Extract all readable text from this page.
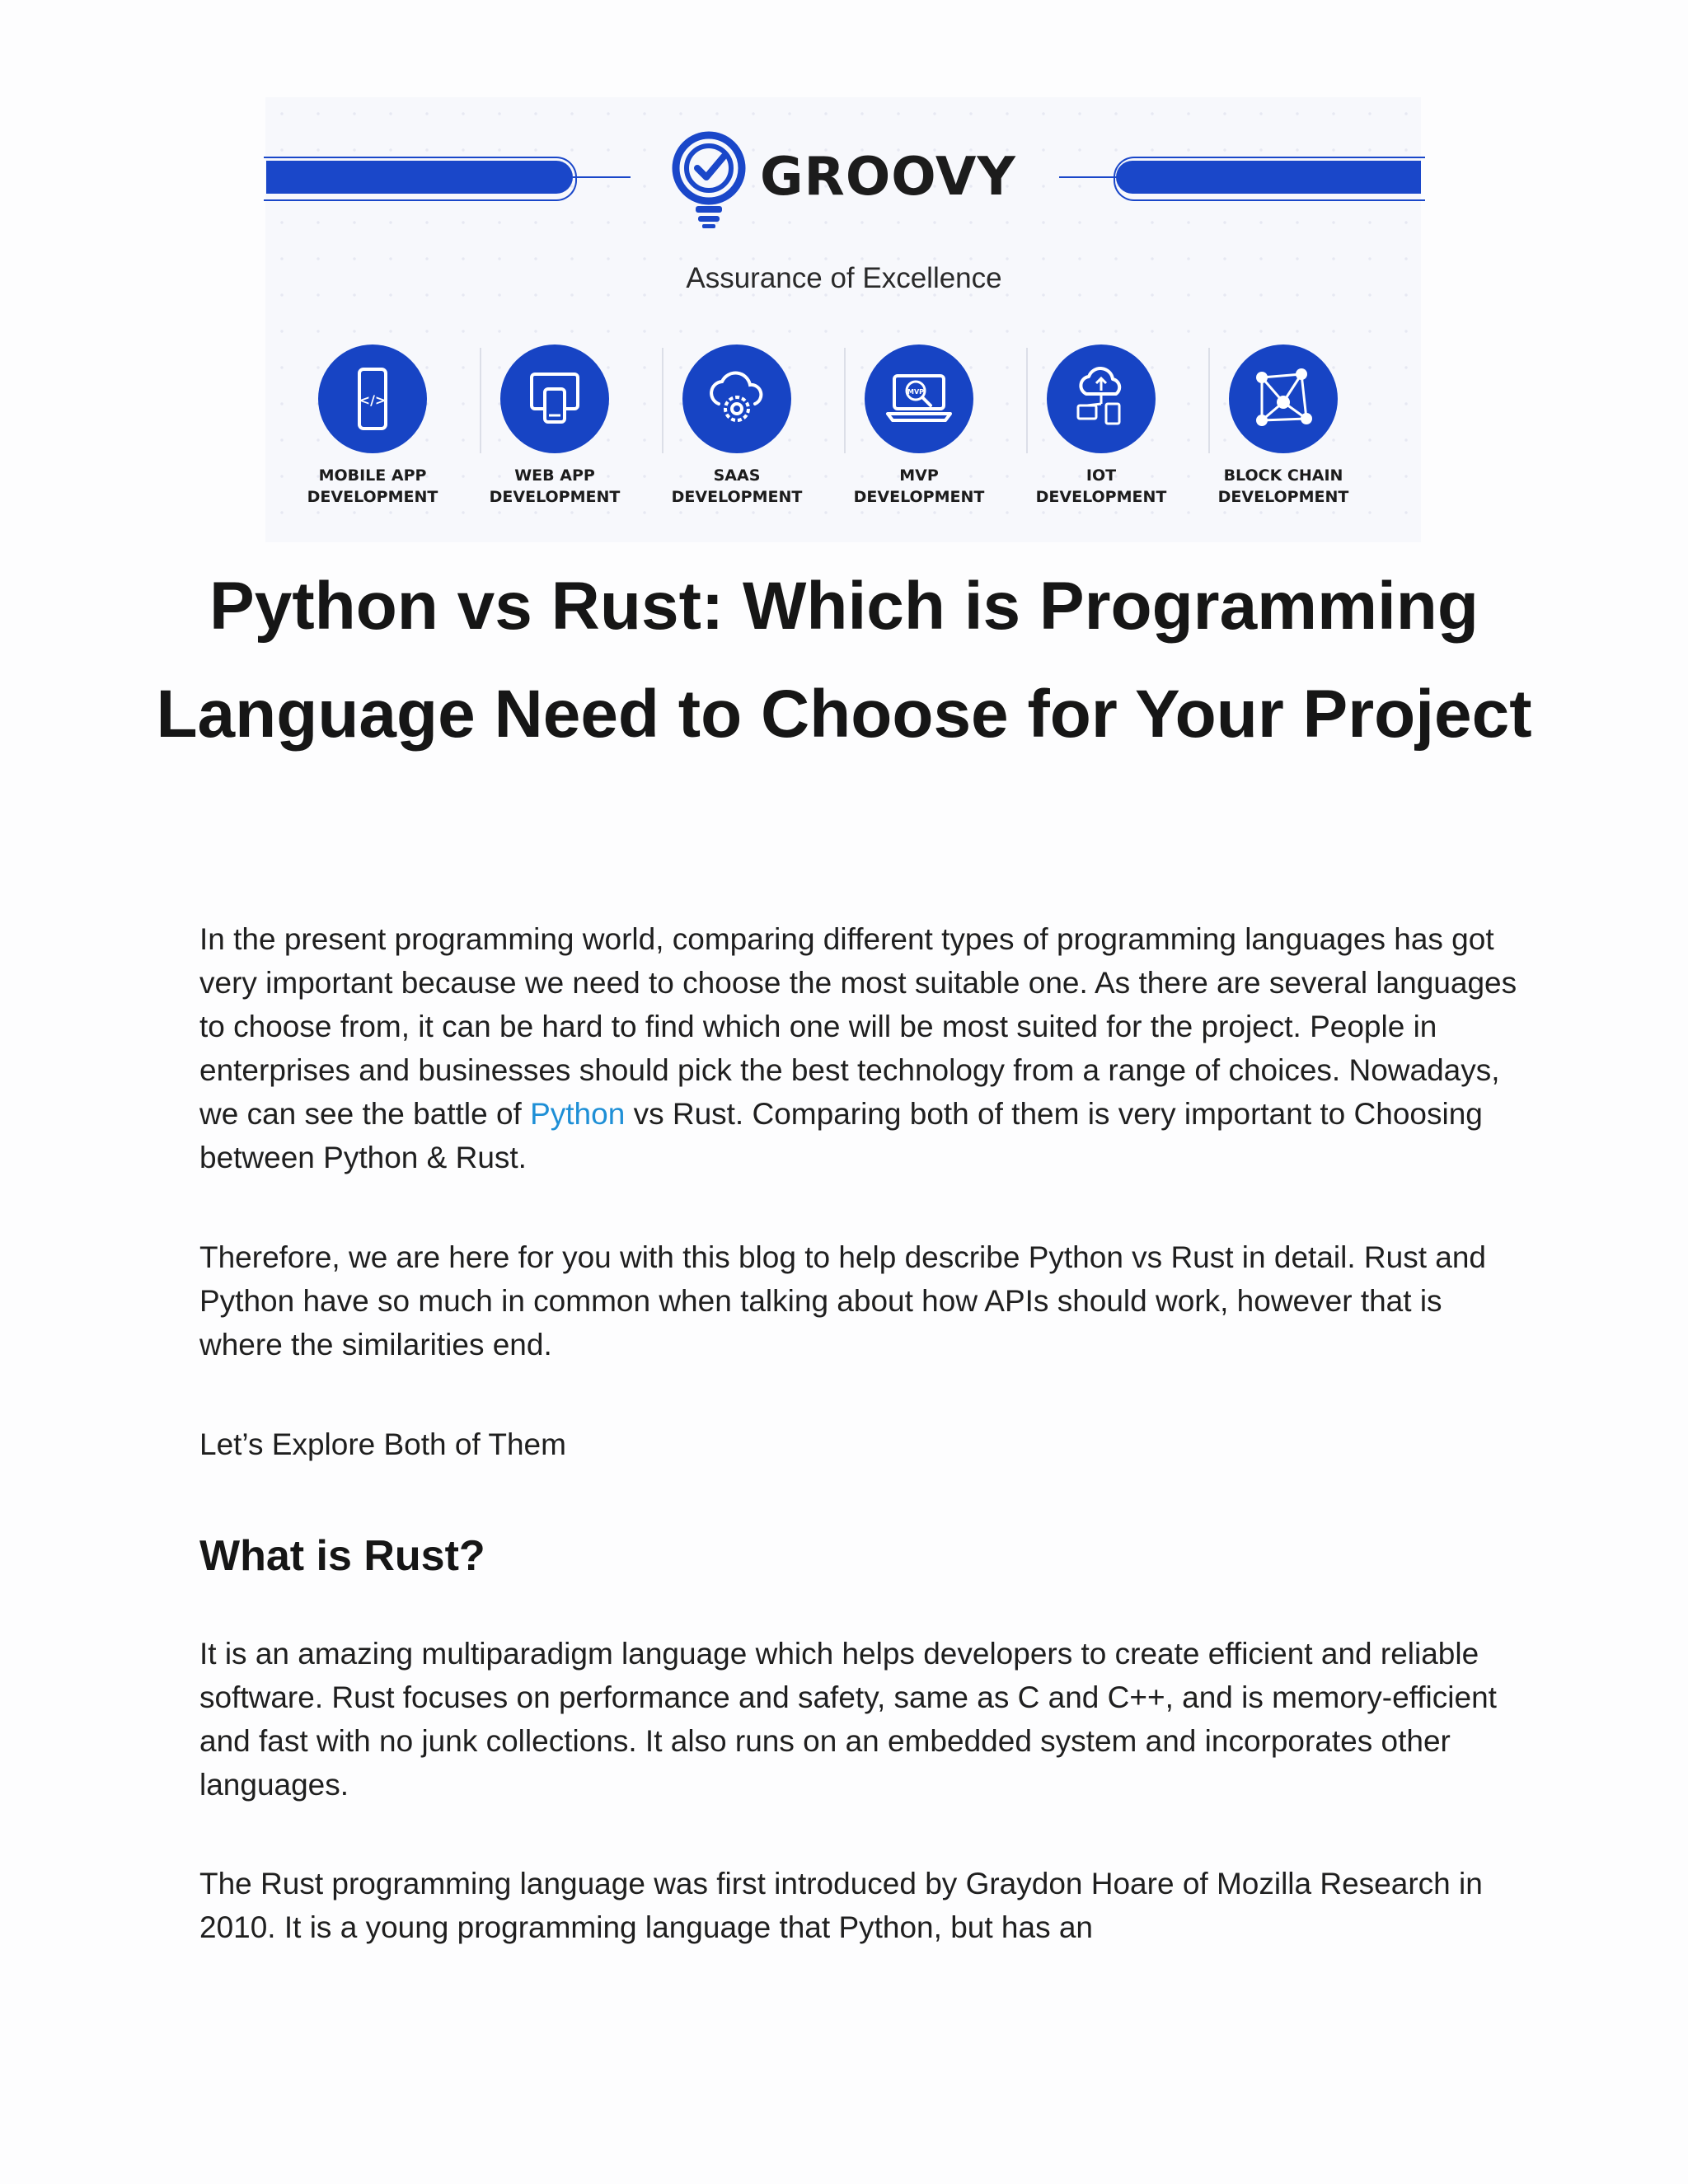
GROOVY
Assurance of Excellence
</>
MOBILE APP
DEVELOPMENT
WEB APP
DEVELOPMENT
SAAS
DEVELOPMENT
MVP
MVP
DEVELOPMENT
IOT
DEVELOPMENT
BLOCK CHAIN
DEVELOPMENT
Python vs Rust: Which is Programming Language Need to Choose for Your Project

In the present programming world, comparing different types of programming languages has got very important because we need to choose the most suitable one. As there are several languages to choose from, it can be hard to find which one will be most suited for the project. People in enterprises and businesses should pick the best technology from a range of choices. Nowadays, we can see the battle of Python vs Rust. Comparing both of them is very important to Choosing between Python & Rust.

Therefore, we are here for you with this blog to help describe Python vs Rust in detail. Rust and Python have so much in common when talking about how APIs should work, however that is where the similarities end.

Let’s Explore Both of Them

What is Rust?

It is an amazing multiparadigm language which helps developers to create efficient and reliable software. Rust focuses on performance and safety, same as C and C++, and is memory-efficient and fast with no junk collections. It also runs on an embedded system and incorporates other languages.

The Rust programming language was first introduced by Graydon Hoare of Mozilla Research in 2010. It is a young programming language that Python, but has an
